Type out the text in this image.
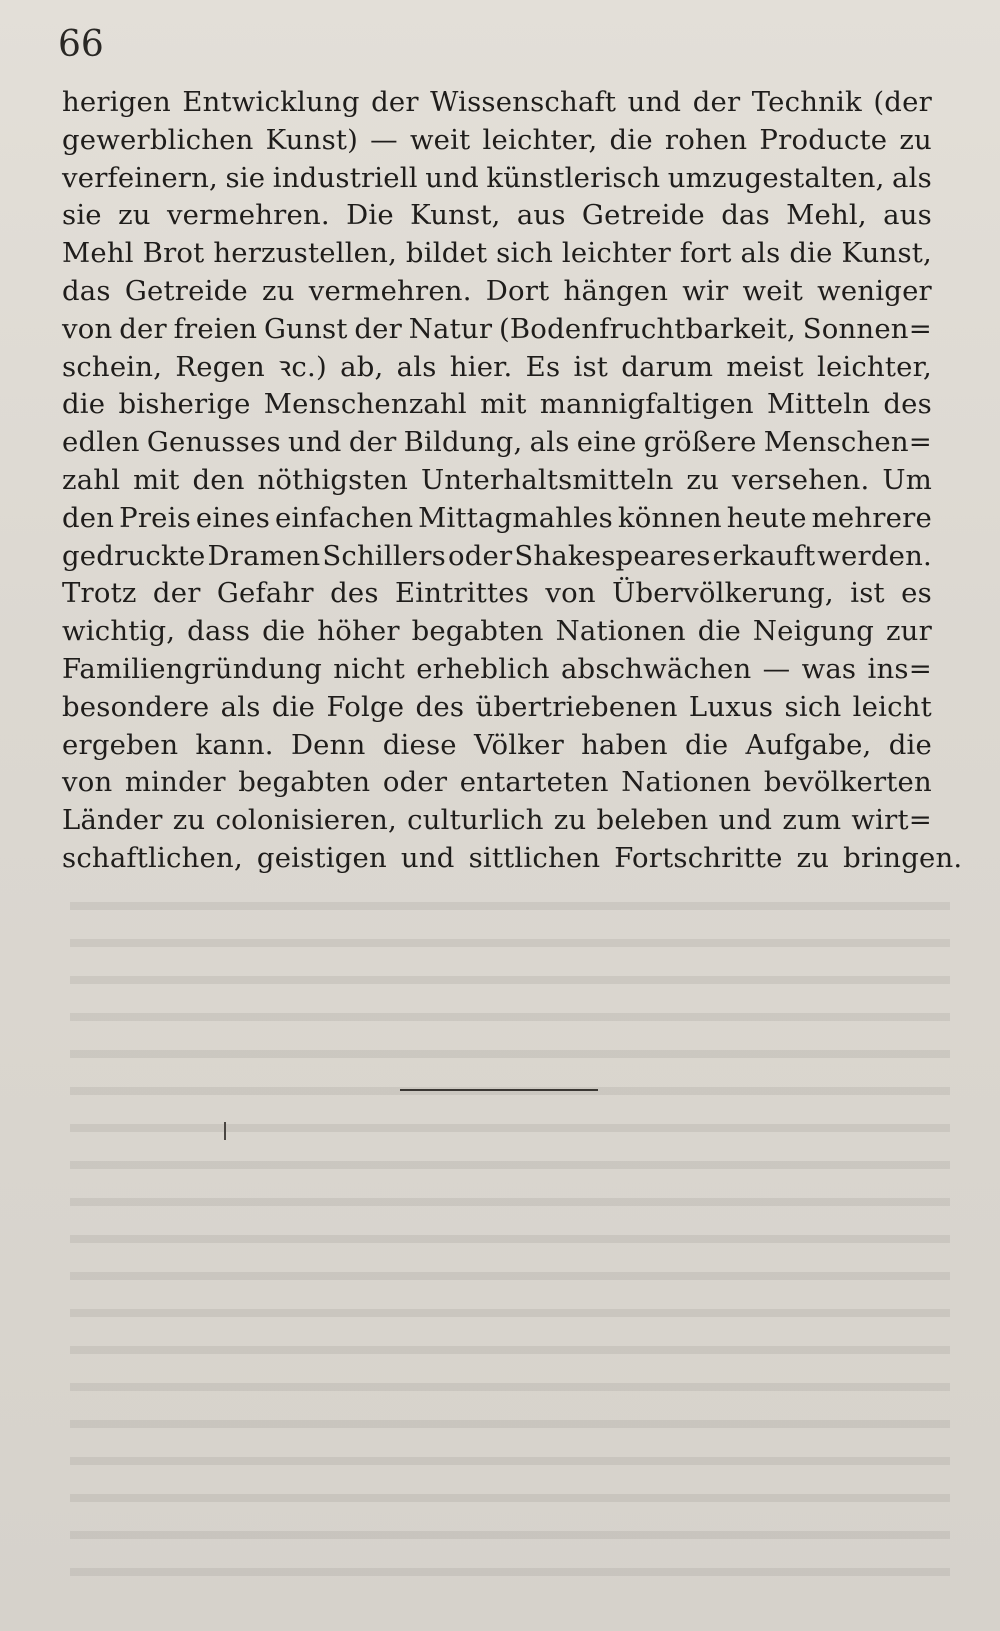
66
herigen Entwicklung der Wissenschaft und der Technik (der
gewerblichen Kunst) — weit leichter, die rohen Producte zu
verfeinern, sie industriell und künstlerisch umzugestalten, als
sie zu vermehren. Die Kunst, aus Getreide das Mehl, aus
Mehl Brot herzustellen, bildet sich leichter fort als die Kunst,
das Getreide zu vermehren. Dort hängen wir weit weniger
von der freien Gunst der Natur (Bodenfruchtbarkeit, Sonnen=
schein, Regen ꝛc.) ab, als hier. Es ist darum meist leichter,
die bisherige Menschenzahl mit mannigfaltigen Mitteln des
edlen Genusses und der Bildung, als eine größere Menschen=
zahl mit den nöthigsten Unterhaltsmitteln zu versehen. Um
den Preis eines einfachen Mittagmahles können heute mehrere
gedruckte Dramen Schillers oder Shakespeares erkauft werden.
Trotz der Gefahr des Eintrittes von Übervölkerung, ist es
wichtig, dass die höher begabten Nationen die Neigung zur
Familiengründung nicht erheblich abschwächen — was ins=
besondere als die Folge des übertriebenen Luxus sich leicht
ergeben kann. Denn diese Völker haben die Aufgabe, die
von minder begabten oder entarteten Nationen bevölkerten
Länder zu colonisieren, culturlich zu beleben und zum wirt=
schaftlichen, geistigen und sittlichen Fortschritte zu bringen.
